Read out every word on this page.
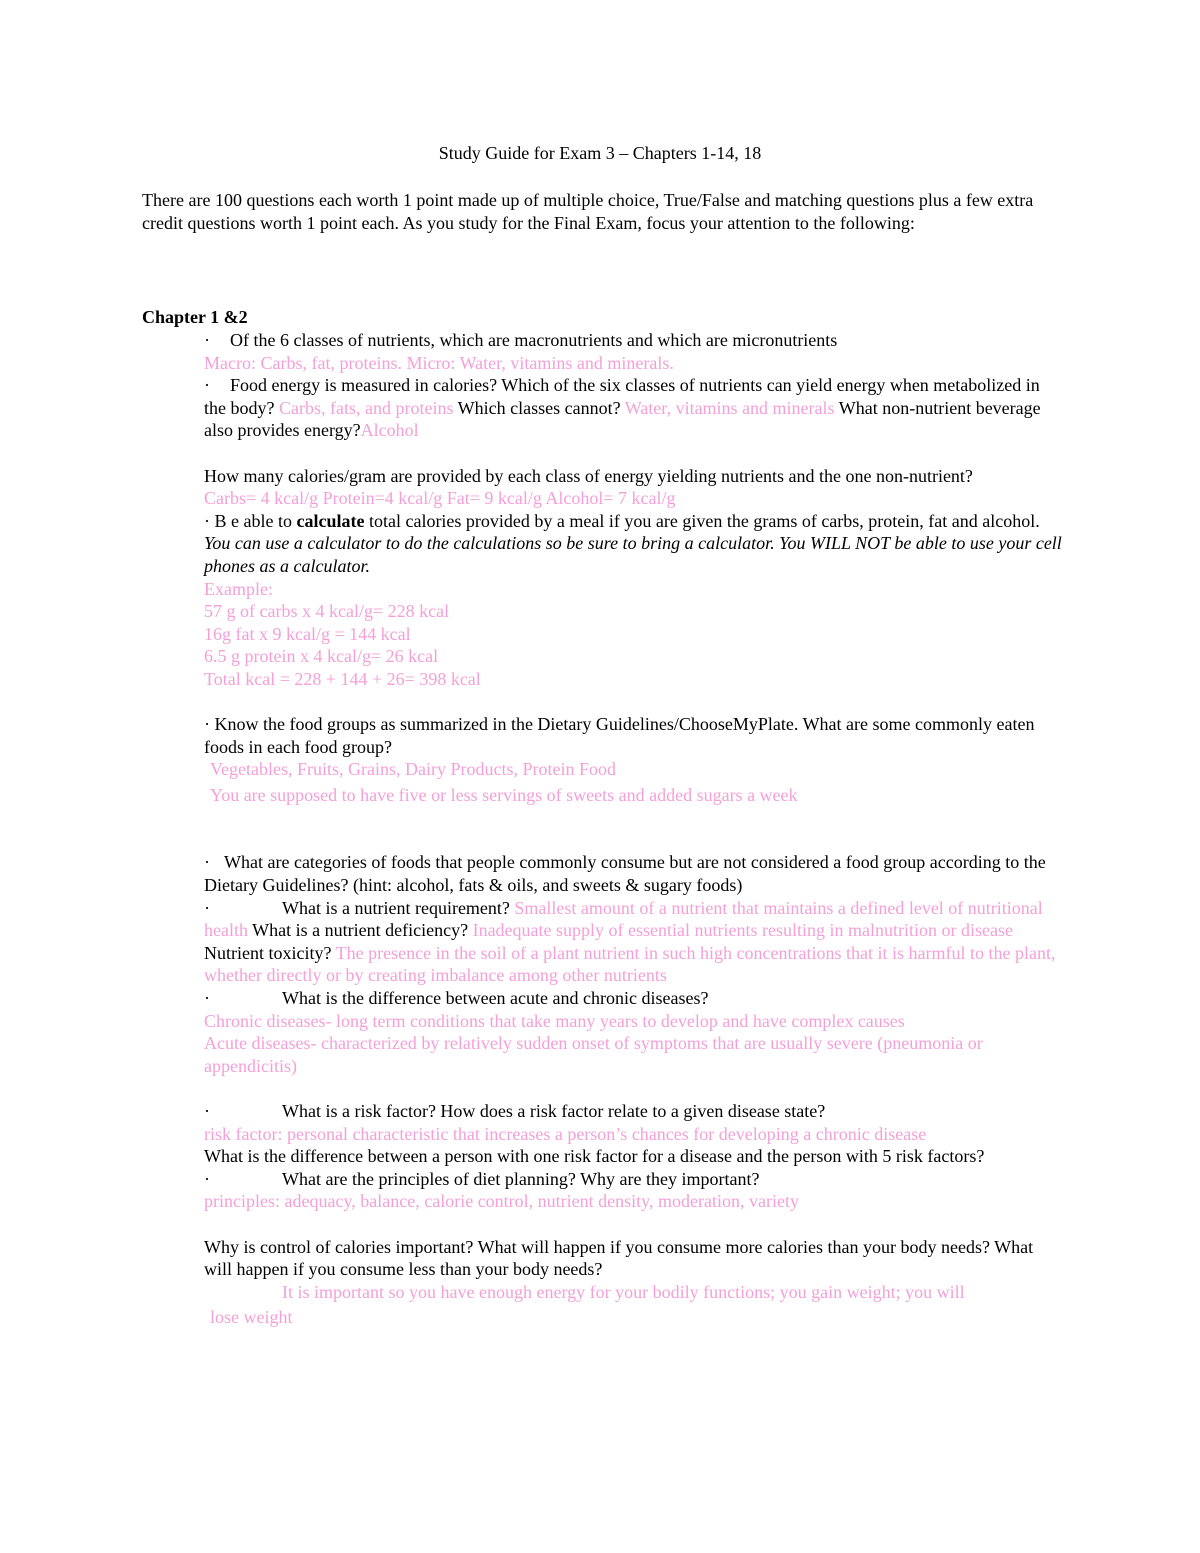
Study Guide for Exam 3 – Chapters 1-14, 18
There are 100 questions each worth 1 point made up of multiple choice, True/False and matching questions plus a few extra credit questions worth 1 point each. As you study for the Final Exam, focus your attention to the following:
Chapter 1 &2
· Of the 6 classes of nutrients, which are macronutrients and which are micronutrients
Macro: Carbs, fat, proteins. Micro: Water, vitamins and minerals.
· Food energy is measured in calories? Which of the six classes of nutrients can yield energy when metabolized in the body? Carbs, fats, and proteins Which classes cannot? Water, vitamins and minerals What non-nutrient beverage also provides energy?Alcohol
How many calories/gram are provided by each class of energy yielding nutrients and the one non-nutrient?
Carbs= 4 kcal/g Protein=4 kcal/g Fat= 9 kcal/g Alcohol= 7 kcal/g
· B e able to calculate total calories provided by a meal if you are given the grams of carbs, protein, fat and alcohol. You can use a calculator to do the calculations so be sure to bring a calculator. You WILL NOT be able to use your cell phones as a calculator.
Example:
57 g of carbs x 4 kcal/g= 228 kcal
16g fat x 9 kcal/g = 144 kcal
6.5 g protein x 4 kcal/g= 26 kcal
Total kcal = 228 + 144 + 26= 398 kcal
· Know the food groups as summarized in the Dietary Guidelines/ChooseMyPlate. What are some commonly eaten foods in each food group?
Vegetables, Fruits, Grains, Dairy Products, Protein Food
You are supposed to have five or less servings of sweets and added sugars a week
· What are categories of foods that people commonly consume but are not considered a food group according to the Dietary Guidelines? (hint: alcohol, fats & oils, and sweets & sugary foods)
·	What is a nutrient requirement? Smallest amount of a nutrient that maintains a defined level of nutritional health What is a nutrient deficiency? Inadequate supply of essential nutrients resulting in malnutrition or disease Nutrient toxicity? The presence in the soil of a plant nutrient in such high concentrations that it is harmful to the plant, whether directly or by creating imbalance among other nutrients
·	What is the difference between acute and chronic diseases?
Chronic diseases- long term conditions that take many years to develop and have complex causes
Acute diseases- characterized by relatively sudden onset of symptoms that are usually severe (pneumonia or appendicitis)
·	What is a risk factor? How does a risk factor relate to a given disease state?
risk factor: personal characteristic that increases a person’s chances for developing a chronic disease
What is the difference between a person with one risk factor for a disease and the person with 5 risk factors?
·	What are the principles of diet planning? Why are they important?
principles: adequacy, balance, calorie control, nutrient density, moderation, variety
Why is control of calories important? What will happen if you consume more calories than your body needs? What will happen if you consume less than your body needs?
It is important so you have enough energy for your bodily functions; you gain weight; you will
lose weight
